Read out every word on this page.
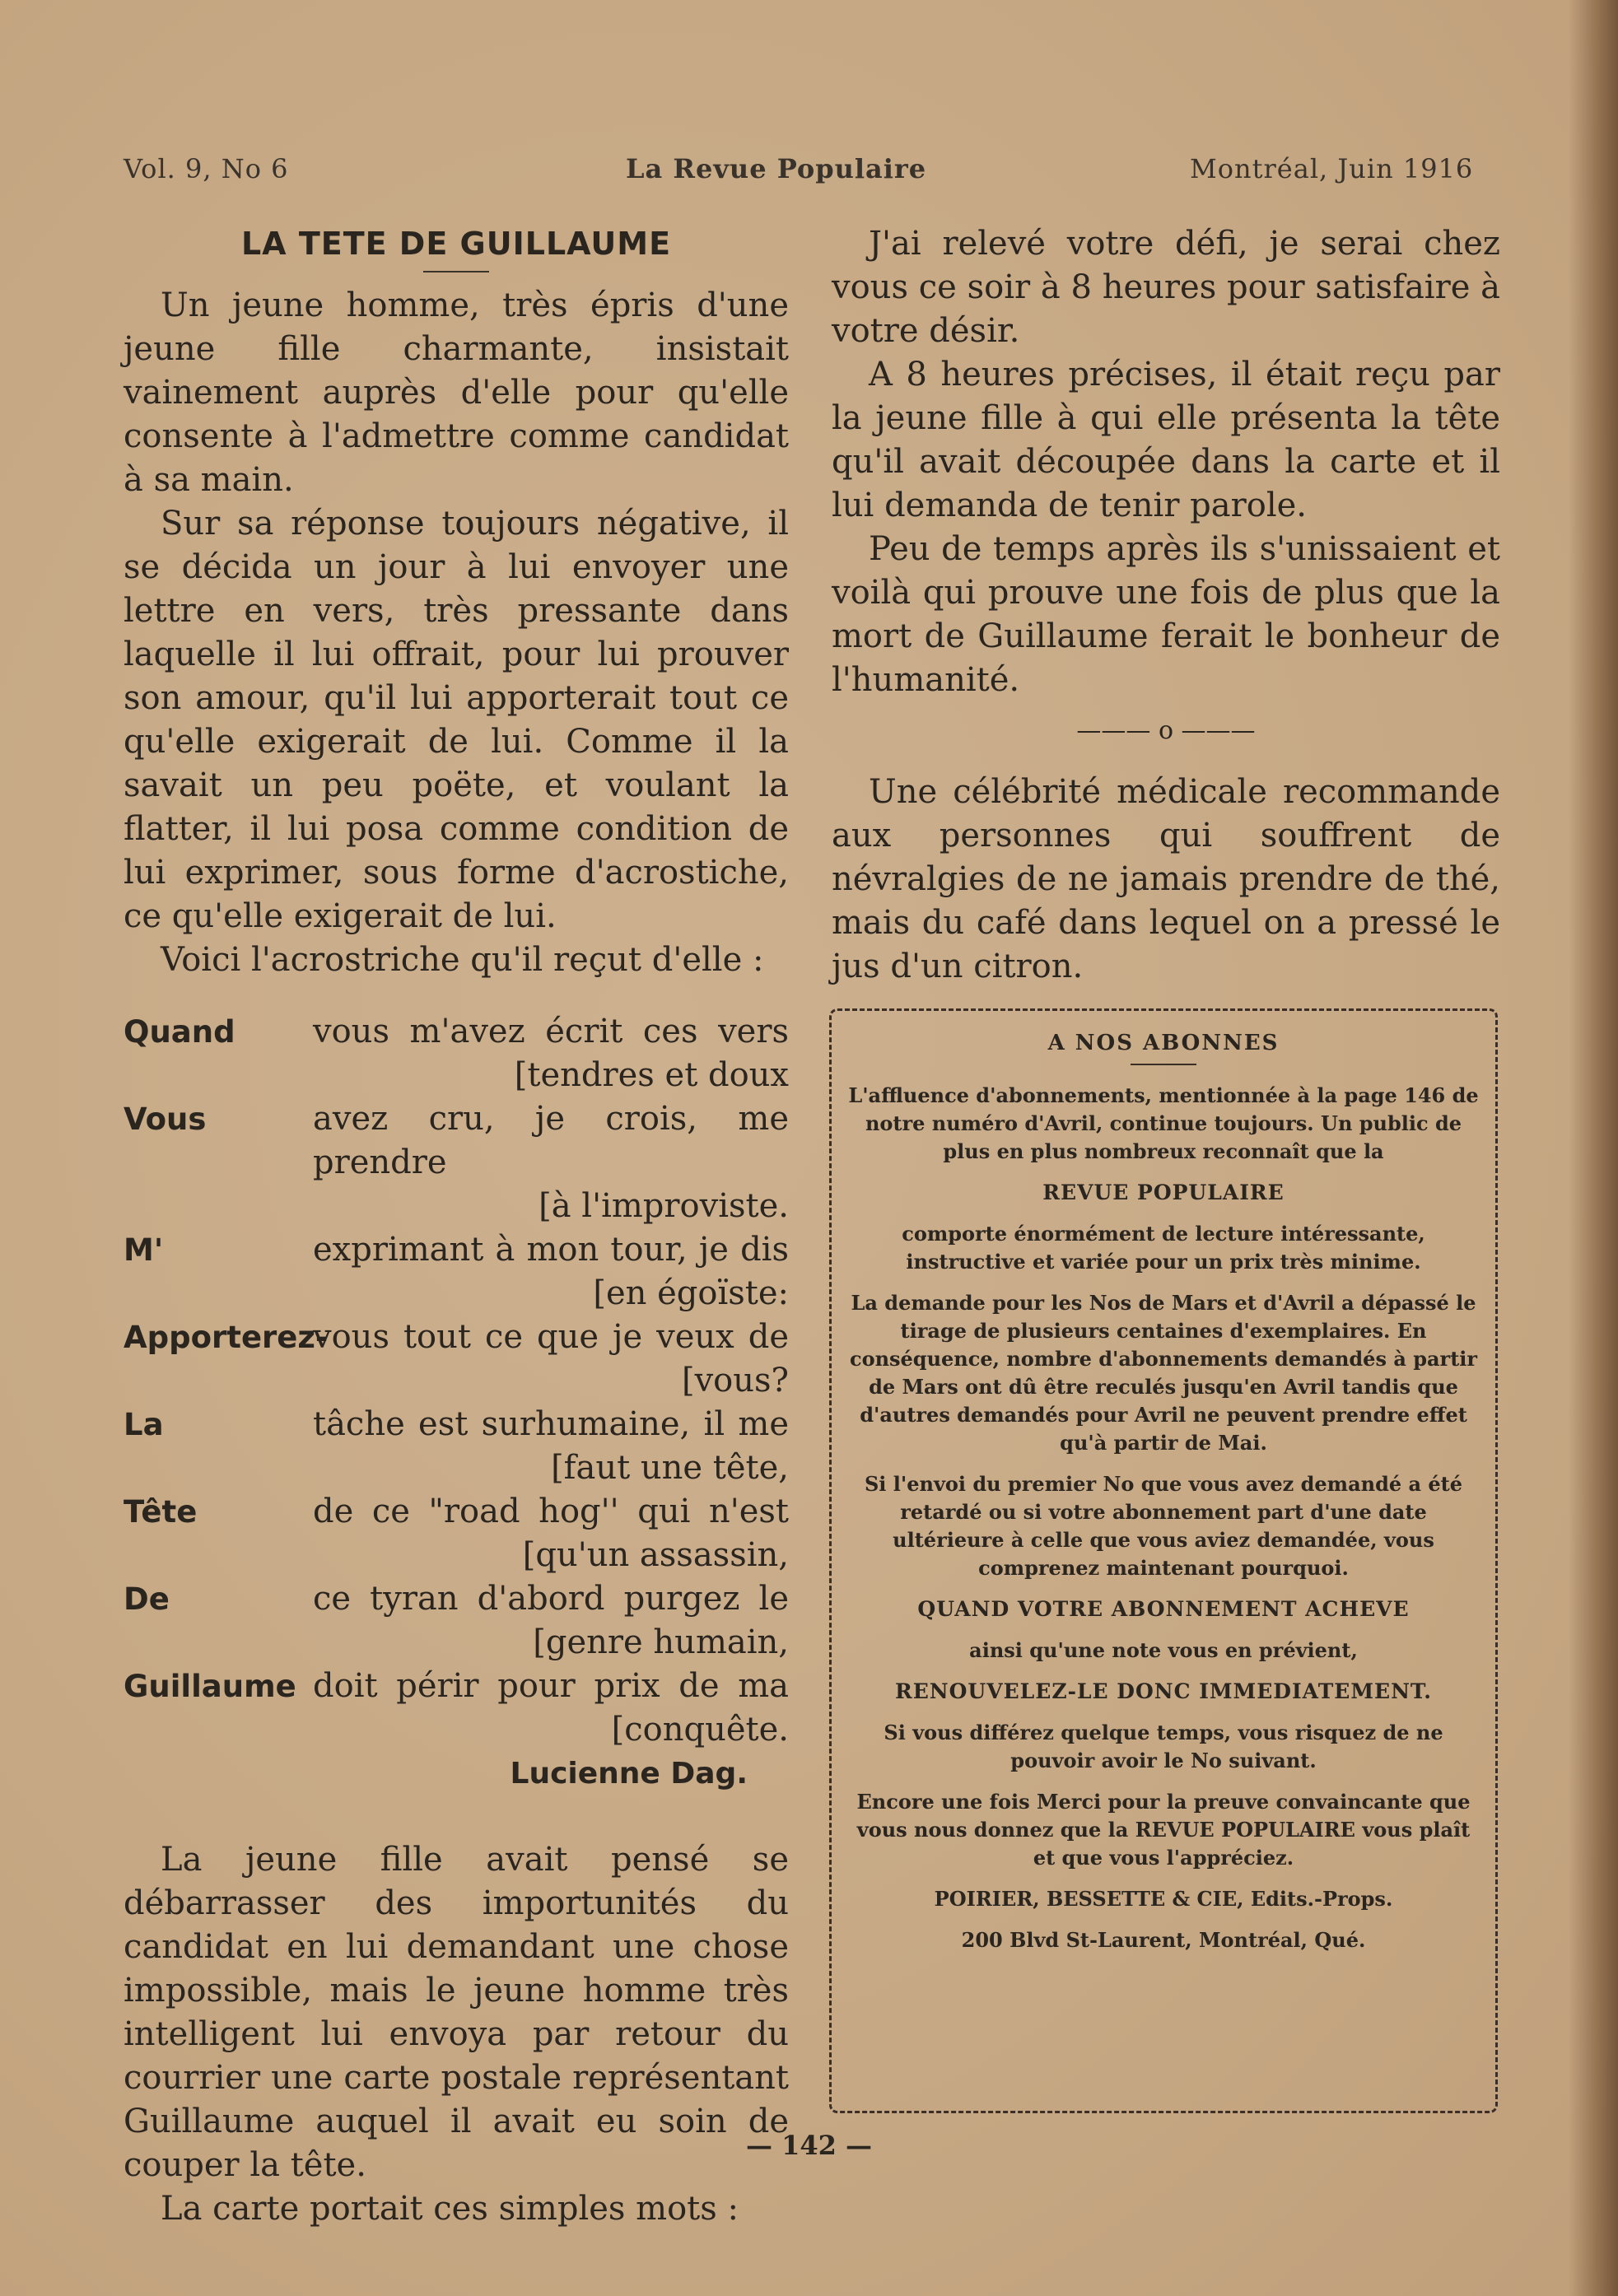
Vol. 9, No 6	La Revue Populaire	Montréal, Juin 1916
LA TETE DE GUILLAUME

Un jeune homme, très épris d'une jeune fille charmante, insistait vainement auprès d'elle pour qu'elle consente à l'admettre comme candidat à sa main.

Sur sa réponse toujours négative, il se décida un jour à lui envoyer une lettre en vers, très pressante dans laquelle il lui offrait, pour lui prouver son amour, qu'il lui apporterait tout ce qu'elle exigerait de lui. Comme il la savait un peu poëte, et voulant la flatter, il lui posa comme condition de lui exprimer, sous forme d'acrostiche, ce qu'elle exigerait de lui.

Voici l'acrostriche qu'il reçut d'elle :

Quand	vous m'avez écrit ces vers
[tendres et doux
Vous	avez cru, je crois, me prendre
[à l'improviste.
M'	exprimant à mon tour, je dis
[en égoïste:
Apporterez-
vous tout ce que je veux de
[vous?
La	tâche est surhumaine, il me
[faut une tête,
Tête	de ce "road hog'' qui n'est
[qu'un assassin,
De	ce tyran d'abord purgez le
[genre humain,
Guillaume doit périr pour prix de ma
[conquête.
Lucienne Dag.

La jeune fille avait pensé se débarrasser des importunités du candidat en lui demandant une chose impossible, mais le jeune homme très intelligent lui envoya par retour du courrier une carte postale représentant Guillaume auquel il avait eu soin de couper la tête.

La carte portait ces simples mots :

J'ai relevé votre défi, je serai chez vous ce soir à 8 heures pour satisfaire à votre désir.

A 8 heures précises, il était reçu par la jeune fille à qui elle présenta la tête qu'il avait découpée dans la carte et il lui demanda de tenir parole.

Peu de temps après ils s'unissaient et voilà qui prouve une fois de plus que la mort de Guillaume ferait le bonheur de l'humanité.

——— o ———

Une célébrité médicale recommande aux personnes qui souffrent de névralgies de ne jamais prendre de thé, mais du café dans lequel on a pressé le jus d'un citron.

A NOS ABONNES
L'affluence d'abonnements, mentionnée à la page 146 de notre numéro d'Avril, continue toujours. Un public de plus en plus nombreux reconnaît que la
REVUE POPULAIRE
comporte énormément de lecture intéressante, instructive et variée pour un prix très minime.
La demande pour les Nos de Mars et d'Avril a dépassé le tirage de plusieurs centaines d'exemplaires. En conséquence, nombre d'abonnements demandés à partir de Mars ont dû être reculés jusqu'en Avril tandis que d'autres demandés pour Avril ne peuvent prendre effet qu'à partir de Mai.
Si l'envoi du premier No que vous avez demandé a été retardé ou si votre abonnement part d'une date ultérieure à celle que vous aviez demandée, vous comprenez maintenant pourquoi.
QUAND VOTRE ABONNEMENT ACHEVE
ainsi qu'une note vous en prévient,
RENOUVELEZ-LE DONC IMMEDIATEMENT.
Si vous différez quelque temps, vous risquez de ne pouvoir avoir le No suivant.
Encore une fois Merci pour la preuve convaincante que vous nous donnez que la REVUE POPULAIRE vous plaît et que vous l'appréciez.
POIRIER, BESSETTE & CIE, Edits.-Props.
200 Blvd St-Laurent, Montréal, Qué.
— 142 —
